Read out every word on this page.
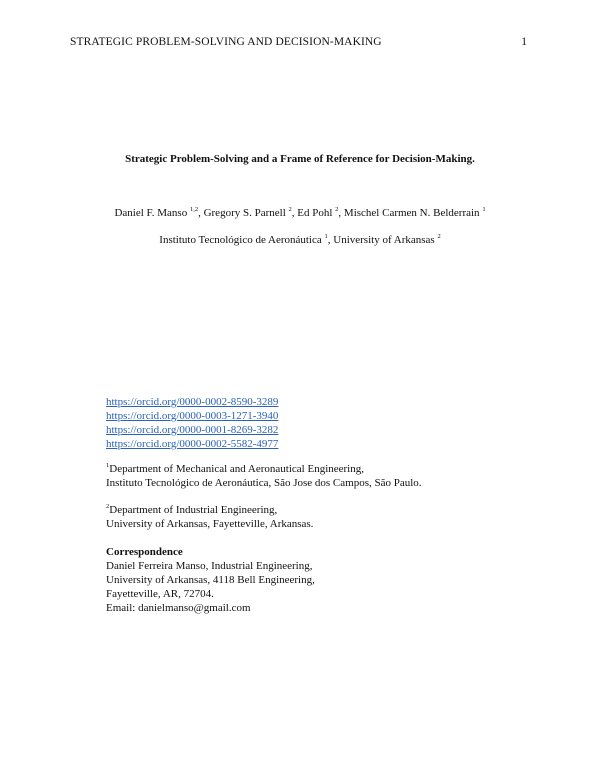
STRATEGIC PROBLEM-SOLVING AND DECISION-MAKING	1
Strategic Problem-Solving and a Frame of Reference for Decision-Making.
Daniel F. Manso $^{1,2}$, Gregory S. Parnell $^2$, Ed Pohl $^2$, Mischel Carmen N. Belderrain $^1$
Instituto Tecnológico de Aeronáutica $^1$, University of Arkansas $^2$
https://orcid.org/0000-0002-8590-3289
https://orcid.org/0000-0003-1271-3940
https://orcid.org/0000-0001-8269-3282
https://orcid.org/0000-0002-5582-4977
$^1$Department of Mechanical and Aeronautical Engineering,
Instituto Tecnológico de Aeronáutica, São Jose dos Campos, São Paulo.
$^2$Department of Industrial Engineering,
University of Arkansas, Fayetteville, Arkansas.
Correspondence
Daniel Ferreira Manso, Industrial Engineering,
University of Arkansas, 4118 Bell Engineering,
Fayetteville, AR, 72704.
Email: danielmanso@gmail.com
